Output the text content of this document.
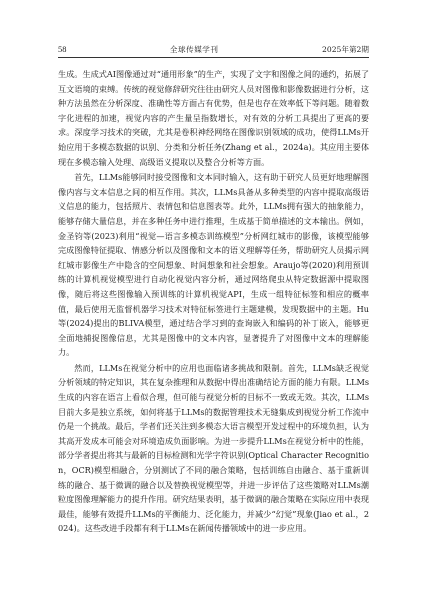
58	全球传媒学刊	2025年第2期

生成。生成式AI图像通过对“通用形象”的生产，实现了文字和图像之间的通约，拓展了互文语境的束缚。传统的视觉修辞研究往往由研究人员对图像和影像数据进行分析，这种方法虽然在分析深度、准确性等方面占有优势，但是也存在效率低下等问题。随着数字化进程的加速，视觉内容的产生量呈指数增长，对有效的分析工具提出了更高的要求。深度学习技术的突破，尤其是卷积神经网络在图像识别领域的成功，使得LLMs开始应用于多模态数据的识别、分类和分析任务(Zhang et al.，2024a)。其应用主要体现在多模态输入处理、高级语义提取以及整合分析等方面。

首先，LLMs能够同时接受图像和文本同时输入，这有助于研究人员更好地理解图像内容与文本信息之间的相互作用。其次，LLMs具备从多种类型的内容中提取高级语义信息的能力，包括照片、表情包和信息图表等。此外，LLMs拥有强大的抽象能力，能够存储大量信息，并在多种任务中进行推理，生成基于简单描述的文本输出。例如，金圣钧等(2023)利用“视觉—语言多模态训练模型”分析网红城市的影像，该模型能够完成图像特征提取、情感分析以及图像和文本的语义理解等任务，帮助研究人员揭示网红城市影像生产中隐含的空间想象、时间想象和社会想象。Araujo等(2020)利用预训练的计算机视觉模型进行自动化视觉内容分析，通过网络爬虫从特定数据源中提取图像，随后将这些图像输入预训练的计算机视觉API，生成一组特征标签和相应的概率值，最后使用无监督机器学习技术对特征标签进行主题建模，发现数据中的主题。Hu等(2024)提出的BLIVA模型，通过结合学习到的查询嵌入和编码的补丁嵌入，能够更全面地捕捉图像信息，尤其是图像中的文本内容，显著提升了对图像中文本的理解能力。

然而，LLMs在视觉分析中的应用也面临诸多挑战和限制。首先，LLMs缺乏视觉分析领域的特定知识，其在复杂推理和从数据中得出准确结论方面的能力有限。LLMs生成的内容在语言上看似合理，但可能与视觉分析的目标不一致或无效。其次，LLMs目前大多是独立系统，如何将基于LLMs的数据管理技术无缝集成到视觉分析工作流中仍是一个挑战。最后，学者们还关注到多模态大语言模型开发过程中的环境负担，认为其高开发成本可能会对环境造成负面影响。为进一步提升LLMs在视觉分析中的性能，部分学者提出将其与最新的目标检测和光学字符识别(Optical Character Recognition，OCR)模型相融合，分别测试了不同的融合策略，包括训练自由融合、基于重新训练的融合、基于微调的融合以及替换视觉模型等，并进一步评估了这些策略对LLMs潮粒度图像理解能力的提升作用。研究结果表明，基于微调的融合策略在实际应用中表现最佳，能够有效提升LLMs的平衡能力、泛化能力，并减少“幻觉”现象(Jiao et al.，2024)。这些改进手段都有利于LLMs在新闻传播领域中的进一步应用。
